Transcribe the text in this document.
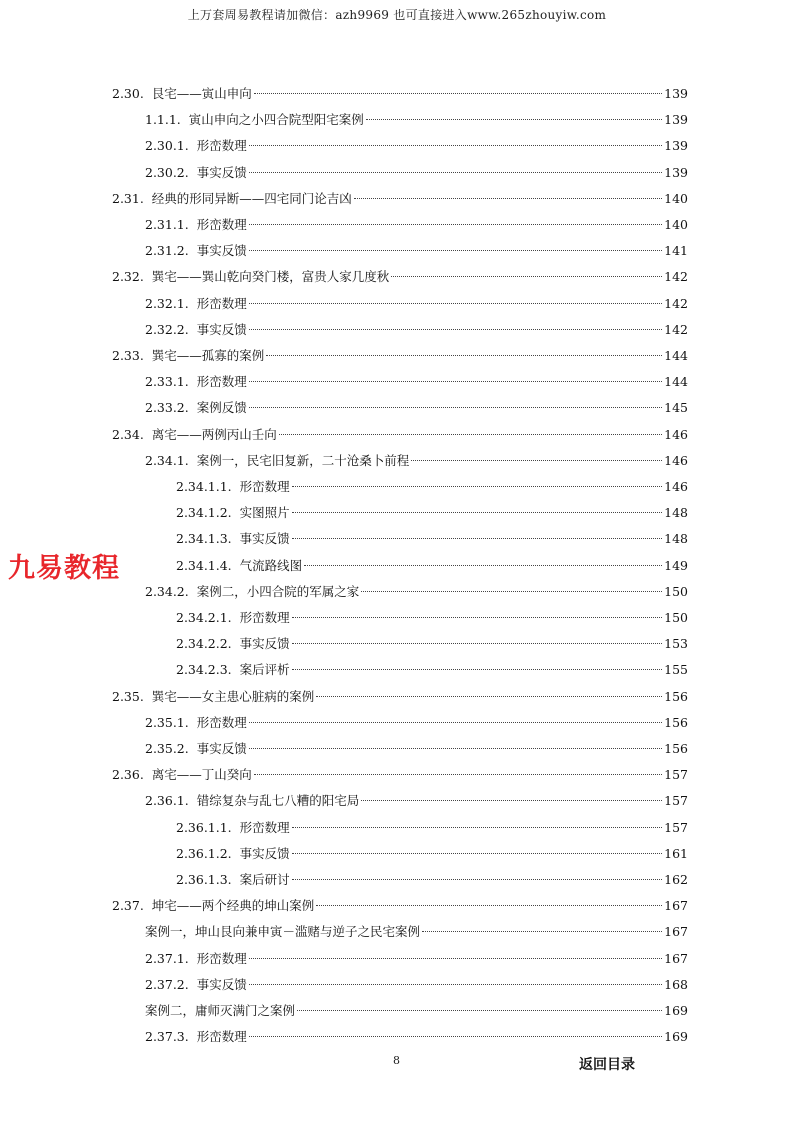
上万套周易教程请加微信：azh9969 也可直接进入www.265zhouyiw.com
2.30. 艮宅——寅山申向	139
1.1.1. 寅山申向之小四合院型阳宅案例	139
2.30.1. 形峦数理	139
2.30.2. 事实反馈	139
2.31. 经典的形同异断——四宅同门论吉凶	140
2.31.1. 形峦数理	140
2.31.2. 事实反馈	141
2.32. 巽宅——巽山乾向癸门楼，富贵人家几度秋	142
2.32.1. 形峦数理	142
2.32.2. 事实反馈	142
2.33. 巽宅——孤寡的案例	144
2.33.1. 形峦数理	144
2.33.2. 案例反馈	145
2.34. 离宅——两例丙山壬向	146
2.34.1. 案例一，民宅旧复新，二十沧桑卜前程	146
2.34.1.1. 形峦数理	146
2.34.1.2. 实图照片	148
2.34.1.3. 事实反馈	148
2.34.1.4. 气流路线图	149
2.34.2. 案例二，小四合院的军属之家	150
2.34.2.1. 形峦数理	150
2.34.2.2. 事实反馈	153
2.34.2.3. 案后评析	155
2.35. 巽宅——女主患心脏病的案例	156
2.35.1. 形峦数理	156
2.35.2. 事实反馈	156
2.36. 离宅——丁山癸向	157
2.36.1. 错综复杂与乱七八糟的阳宅局	157
2.36.1.1. 形峦数理	157
2.36.1.2. 事实反馈	161
2.36.1.3. 案后研讨	162
2.37. 坤宅——两个经典的坤山案例	167
案例一，坤山艮向兼申寅－滥赌与逆子之民宅案例	167
2.37.1. 形峦数理	167
2.37.2. 事实反馈	168
案例二，庸师灭满门之案例	169
2.37.3. 形峦数理	169
九易教程
8	返回目录
